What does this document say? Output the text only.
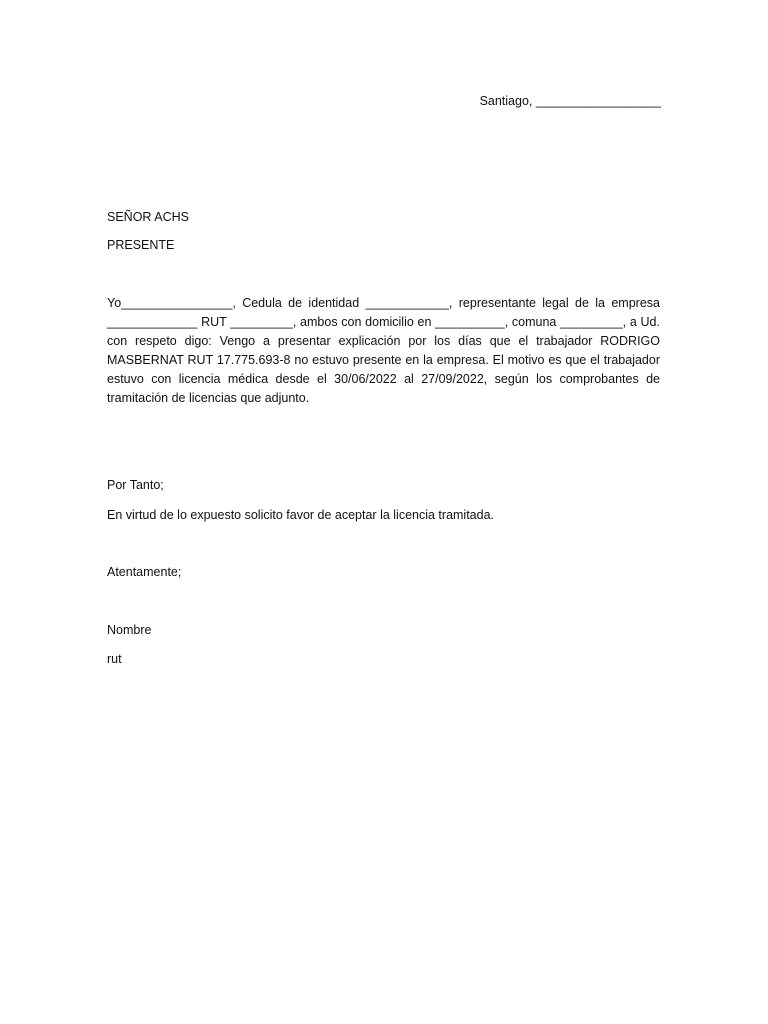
Santiago, __________________
SEÑOR ACHS
PRESENTE
Yo________________, Cedula de identidad ____________, representante legal de la empresa _____________ RUT _________, ambos con domicilio en __________, comuna _________, a Ud. con respeto digo: Vengo a presentar explicación por los días que el trabajador RODRIGO MASBERNAT RUT 17.775.693-8 no estuvo presente en la empresa. El motivo es que el trabajador estuvo con licencia médica desde el 30/06/2022 al 27/09/2022, según los comprobantes de tramitación de licencias que adjunto.
Por Tanto;
En virtud de lo expuesto solicito favor de aceptar la licencia tramitada.
Atentamente;
Nombre
rut
